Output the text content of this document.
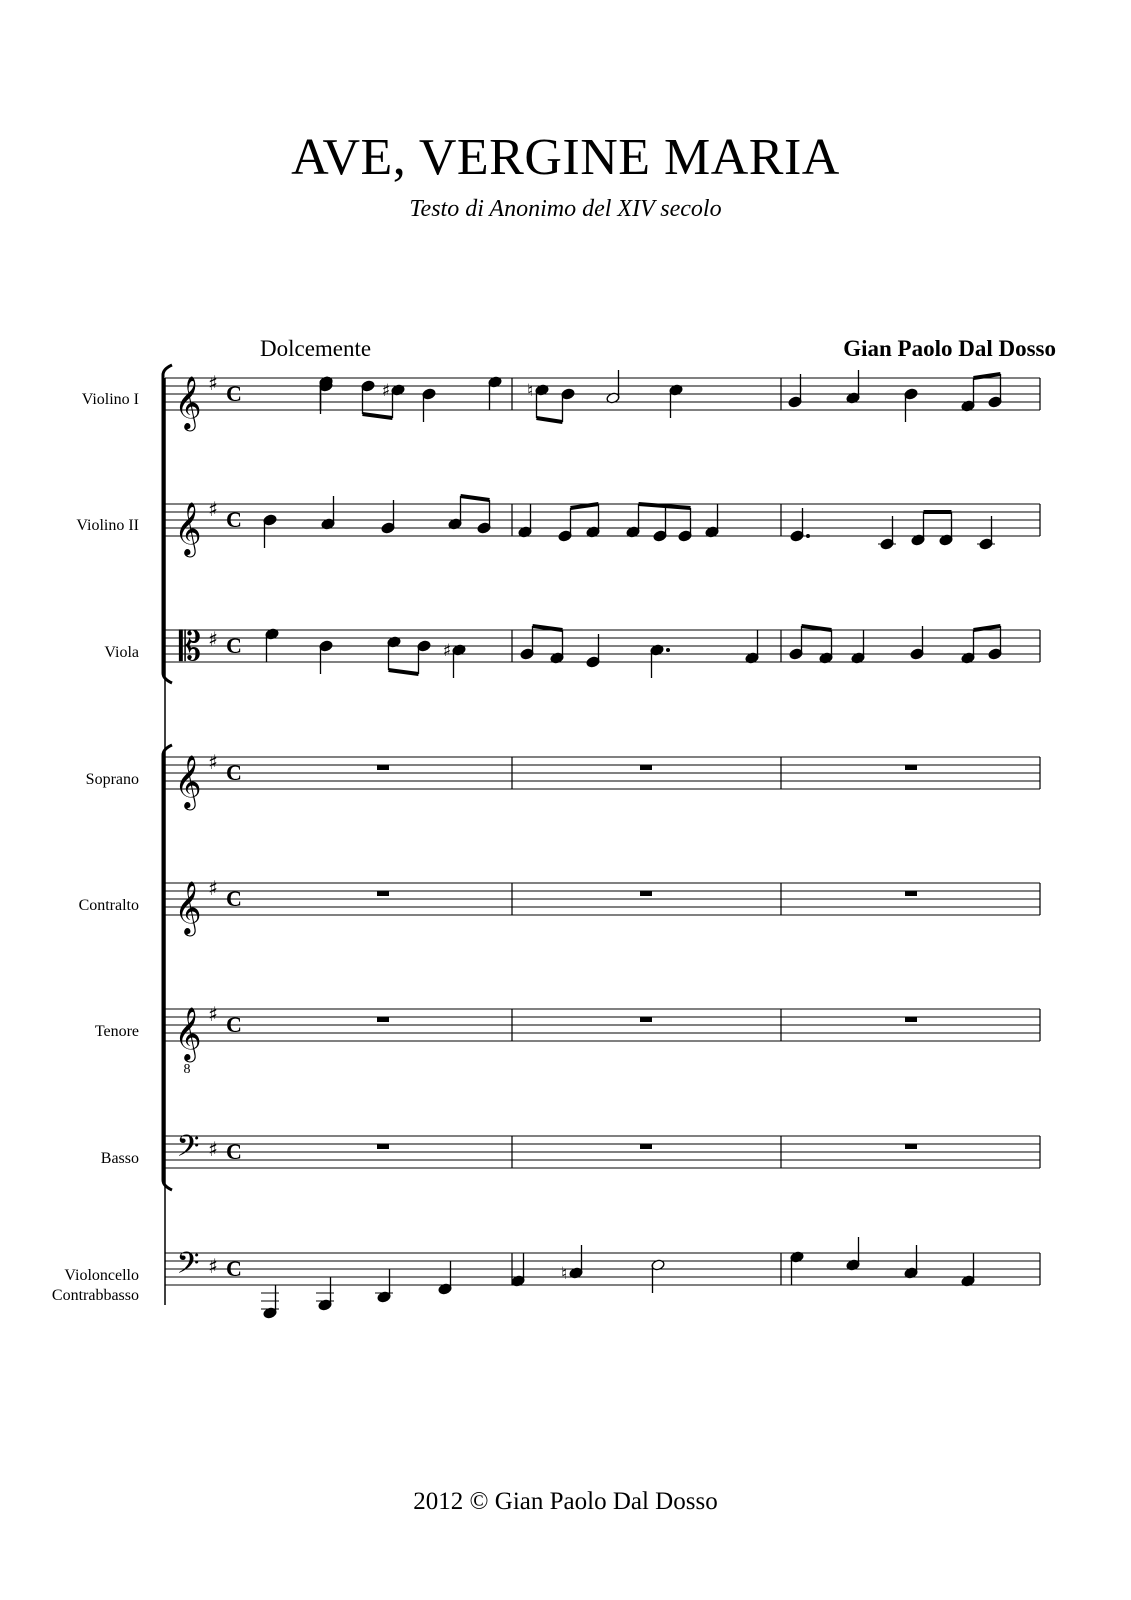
AVE, VERGINE MARIA
Testo di Anonimo del XIV secolo
Dolcemente	Gian Paolo Dal Dosso
Violino I
Violino II
Viola
Soprano
Contralto
Tenore
Basso
Violoncello
Contrabbasso
𝄞 ♯ C
𝄞 ♯ C
𝄡 ♯ C
𝄞 ♯ C
𝄞 ♯ C
𝄞
8
♯ C
𝄢 ♯ C
𝄢 ♯ C
♯	♮
♯
♮
2012 © Gian Paolo Dal Dosso
